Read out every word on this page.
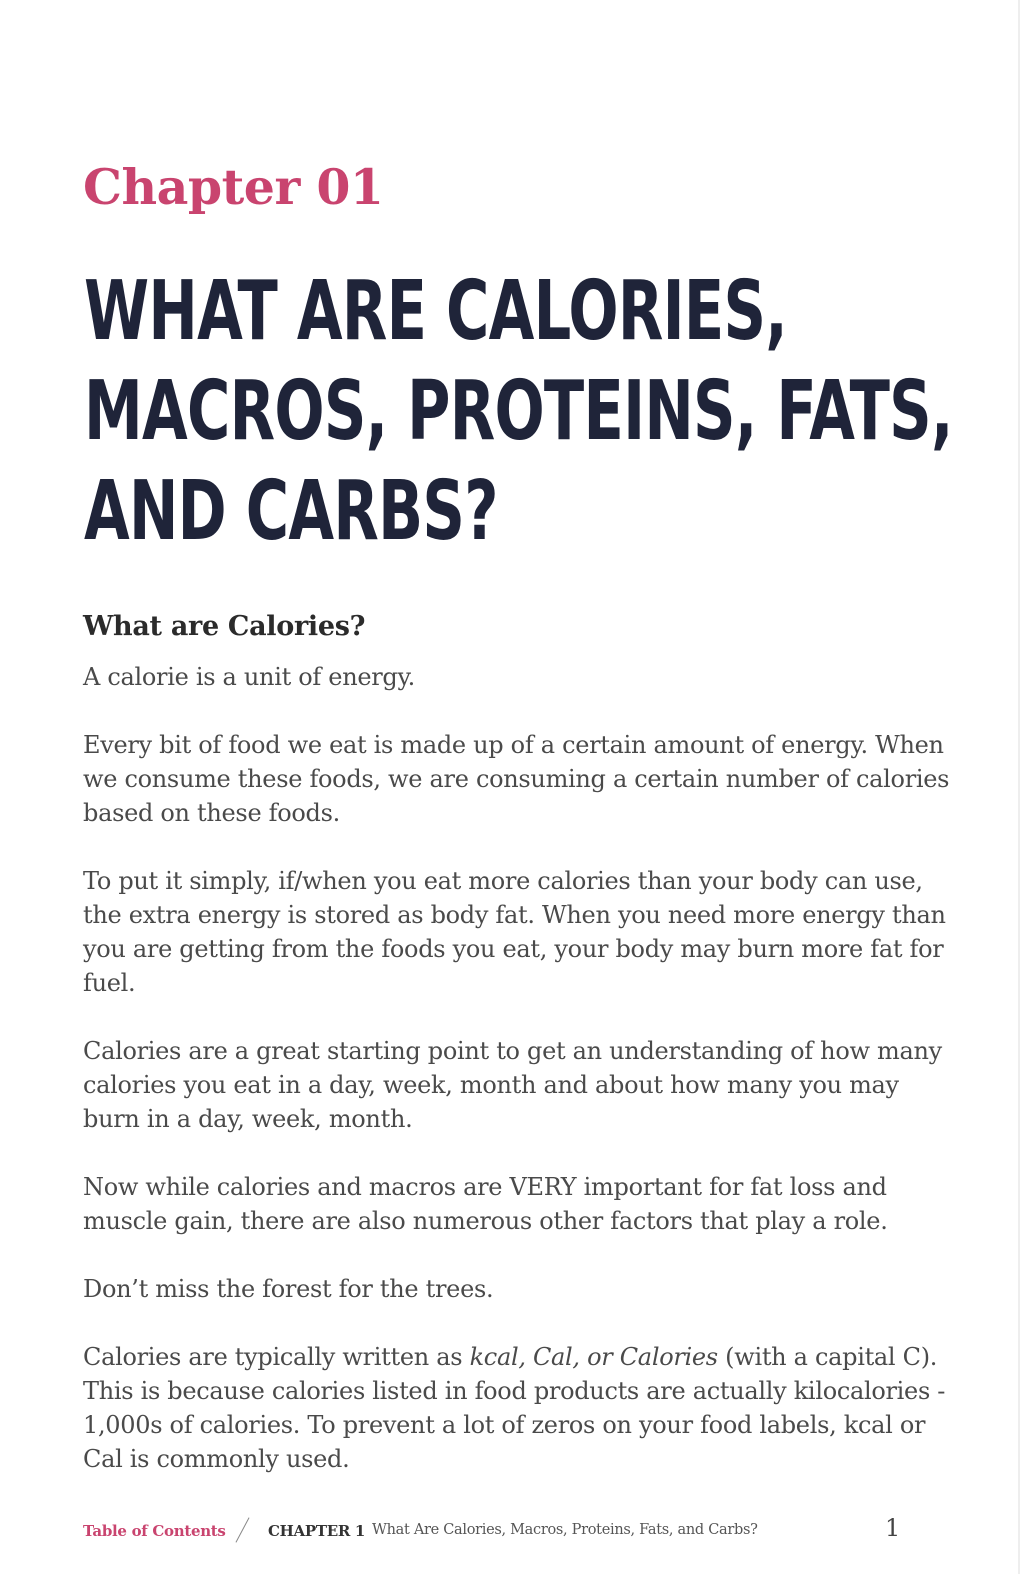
Chapter 01
WHAT ARE CALORIES,
MACROS, PROTEINS, FATS,
AND CARBS?
What are Calories?

A calorie is a unit of energy.

Every bit of food we eat is made up of a certain amount of energy. When we consume these foods, we are consuming a certain number of calories based on these foods.

To put it simply, if/when you eat more calories than your body can use, the extra energy is stored as body fat. When you need more energy than you are getting from the foods you eat, your body may burn more fat for fuel.

Calories are a great starting point to get an understanding of how many calories you eat in a day, week, month and about how many you may burn in a day, week, month.

Now while calories and macros are VERY important for fat loss and muscle gain, there are also numerous other factors that play a role.

Don’t miss the forest for the trees.

Calories are typically written as kcal, Cal, or Calories (with a capital C). This is because calories listed in food products are actually kilocalories - 1,000s of calories. To prevent a lot of zeros on your food labels, kcal or Cal is commonly used.

Table of Contents	CHAPTER 1 What Are Calories, Macros, Proteins, Fats, and Carbs?	1
